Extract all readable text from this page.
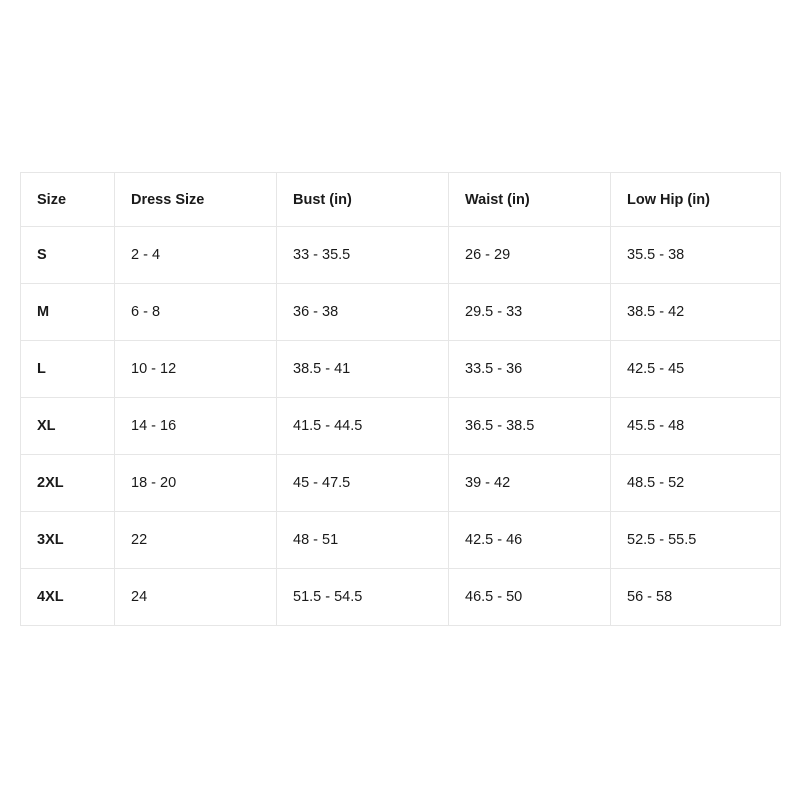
Size	Dress Size	Bust (in)	Waist (in)	Low Hip (in)
S	2 - 4	33 - 35.5	26 - 29	35.5 - 38
M	6 - 8	36 - 38	29.5 - 33	38.5 - 42
L	10 - 12	38.5 - 41	33.5 - 36	42.5 - 45
XL	14 - 16	41.5 - 44.5	36.5 - 38.5	45.5 - 48
2XL	18 - 20	45 - 47.5	39 - 42	48.5 - 52
3XL	22	48 - 51	42.5 - 46	52.5 - 55.5
4XL	24	51.5 - 54.5	46.5 - 50	56 - 58
